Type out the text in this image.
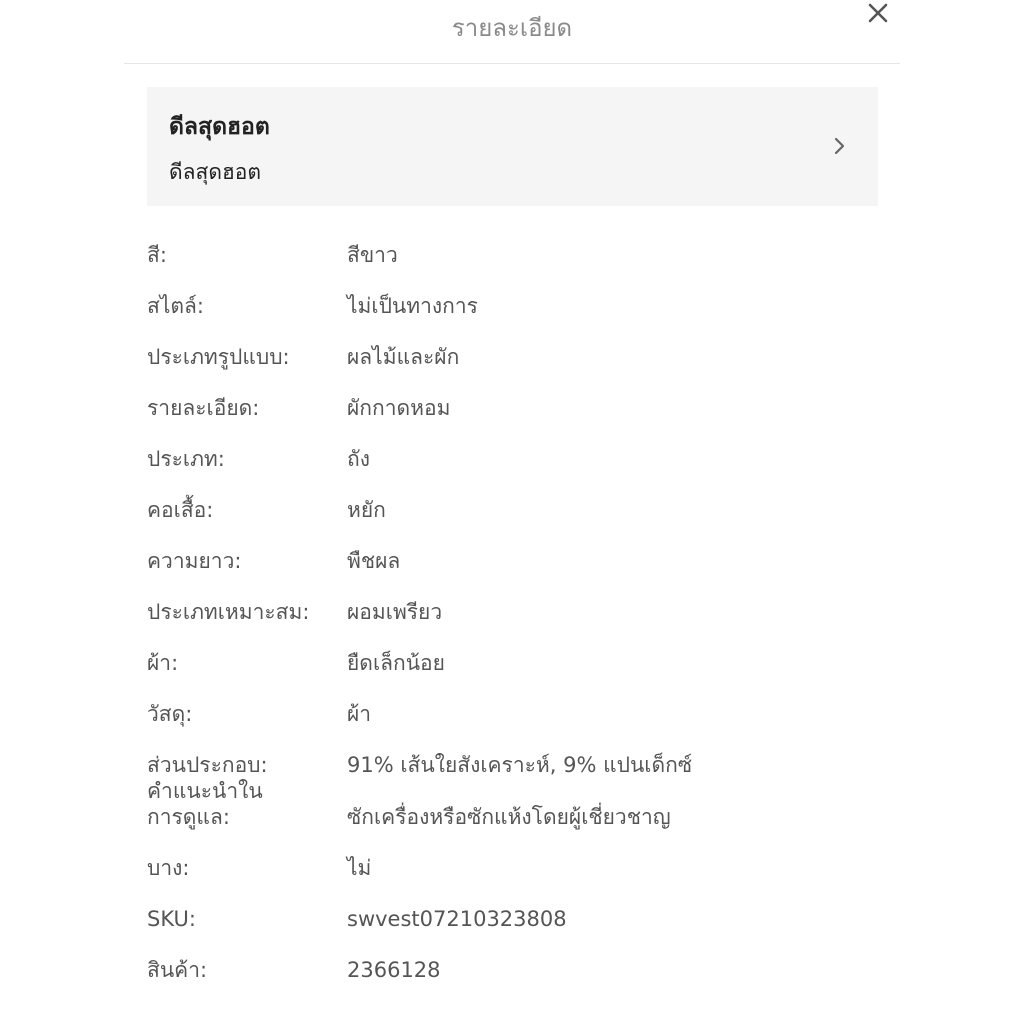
รายละเอียด
ดีลสุดฮอต
ดีลสุดฮอต
สี:	สีขาว
สไตล์:	ไม่เป็นทางการ
ประเภทรูปแบบ:	ผลไม้และผัก
รายละเอียด:	ผักกาดหอม
ประเภท:	ถัง
คอเสื้อ:	หยัก
ความยาว:	พืชผล
ประเภทเหมาะสม:	ผอมเพรียว
ผ้า:	ยืดเล็กน้อย
วัสดุ:	ผ้า
ส่วนประกอบ:	91% เส้นใยสังเคราะห์, 9% แปนเด็กซ์
คำแนะนำใน
การดูแล:	ซักเครื่องหรือซักแห้งโดยผู้เชี่ยวชาญ
บาง:	ไม่
SKU:	swvest07210323808
สินค้า:	2366128
